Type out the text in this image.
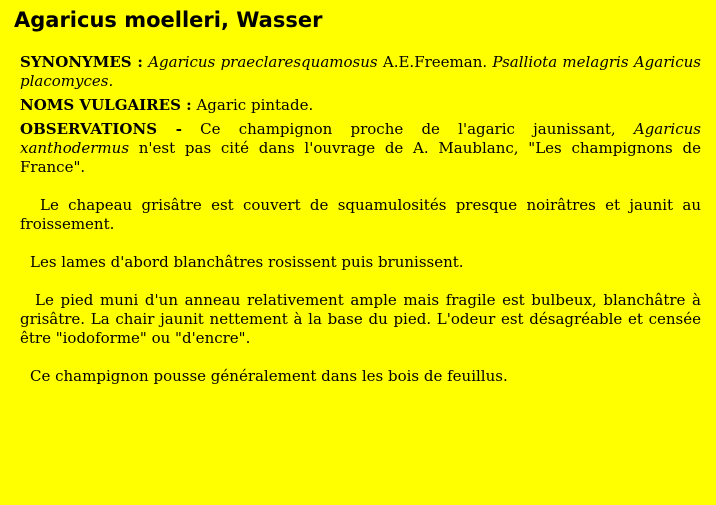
Agaricus moelleri, Wasser

SYNONYMES : Agaricus praeclaresquamosus A.E.Freeman. Psalliota melagris Agaricus placomyces.

NOMS VULGAIRES : Agaric pintade.

OBSERVATIONS - Ce champignon proche de l'agaric jaunissant, Agaricus xanthodermus n'est pas cité dans l'ouvrage de A. Maublanc, "Les champignons de France".

Le chapeau grisâtre est couvert de squamulosités presque noirâtres et jaunit au froissement.

Les lames d'abord blanchâtres rosissent puis brunissent.

Le pied muni d'un anneau relativement ample mais fragile est bulbeux, blanchâtre à grisâtre. La chair jaunit nettement à la base du pied. L'odeur est désagréable et censée être "iodoforme" ou "d'encre".

Ce champignon pousse généralement dans les bois de feuillus.
